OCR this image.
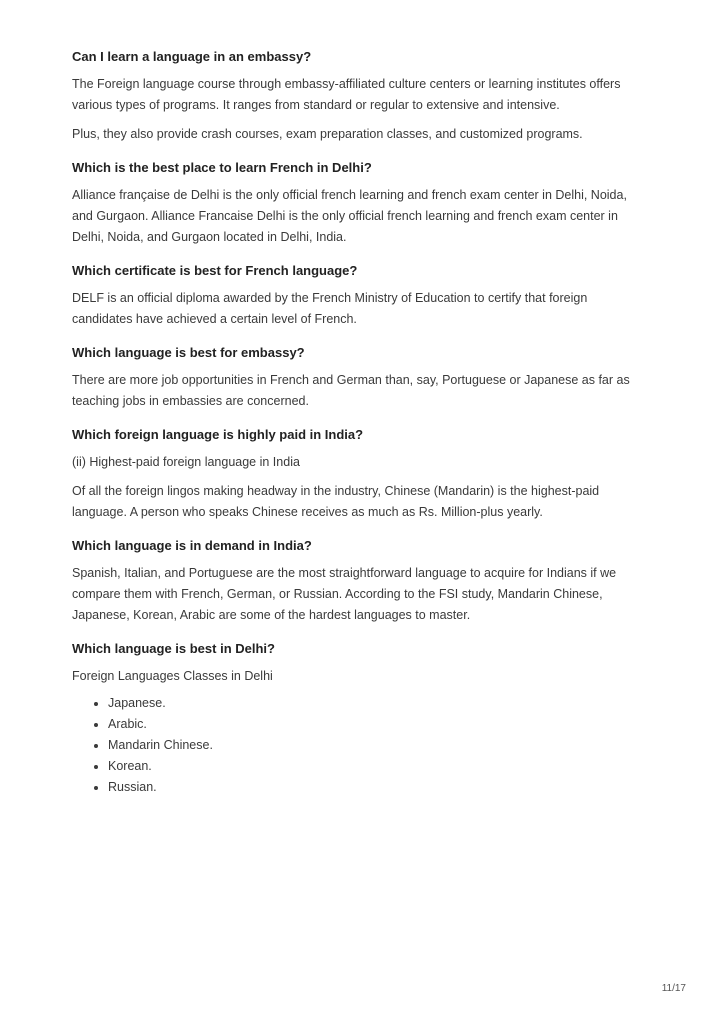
Can I learn a language in an embassy?

The Foreign language course through embassy-affiliated culture centers or learning institutes offers various types of programs. It ranges from standard or regular to extensive and intensive.

Plus, they also provide crash courses, exam preparation classes, and customized programs.

Which is the best place to learn French in Delhi?

Alliance française de Delhi is the only official french learning and french exam center in Delhi, Noida, and Gurgaon. Alliance Francaise Delhi is the only official french learning and french exam center in Delhi, Noida, and Gurgaon located in Delhi, India.

Which certificate is best for French language?

DELF is an official diploma awarded by the French Ministry of Education to certify that foreign candidates have achieved a certain level of French.

Which language is best for embassy?

There are more job opportunities in French and German than, say, Portuguese or Japanese as far as teaching jobs in embassies are concerned.

Which foreign language is highly paid in India?

(ii) Highest-paid foreign language in India

Of all the foreign lingos making headway in the industry, Chinese (Mandarin) is the highest-paid language. A person who speaks Chinese receives as much as Rs. Million-plus yearly.

Which language is in demand in India?

Spanish, Italian, and Portuguese are the most straightforward language to acquire for Indians if we compare them with French, German, or Russian. According to the FSI study, Mandarin Chinese, Japanese, Korean, Arabic are some of the hardest languages to master.

Which language is best in Delhi?

Foreign Languages Classes in Delhi

• Japanese.
• Arabic.
• Mandarin Chinese.
• Korean.
• Russian.
11/17
